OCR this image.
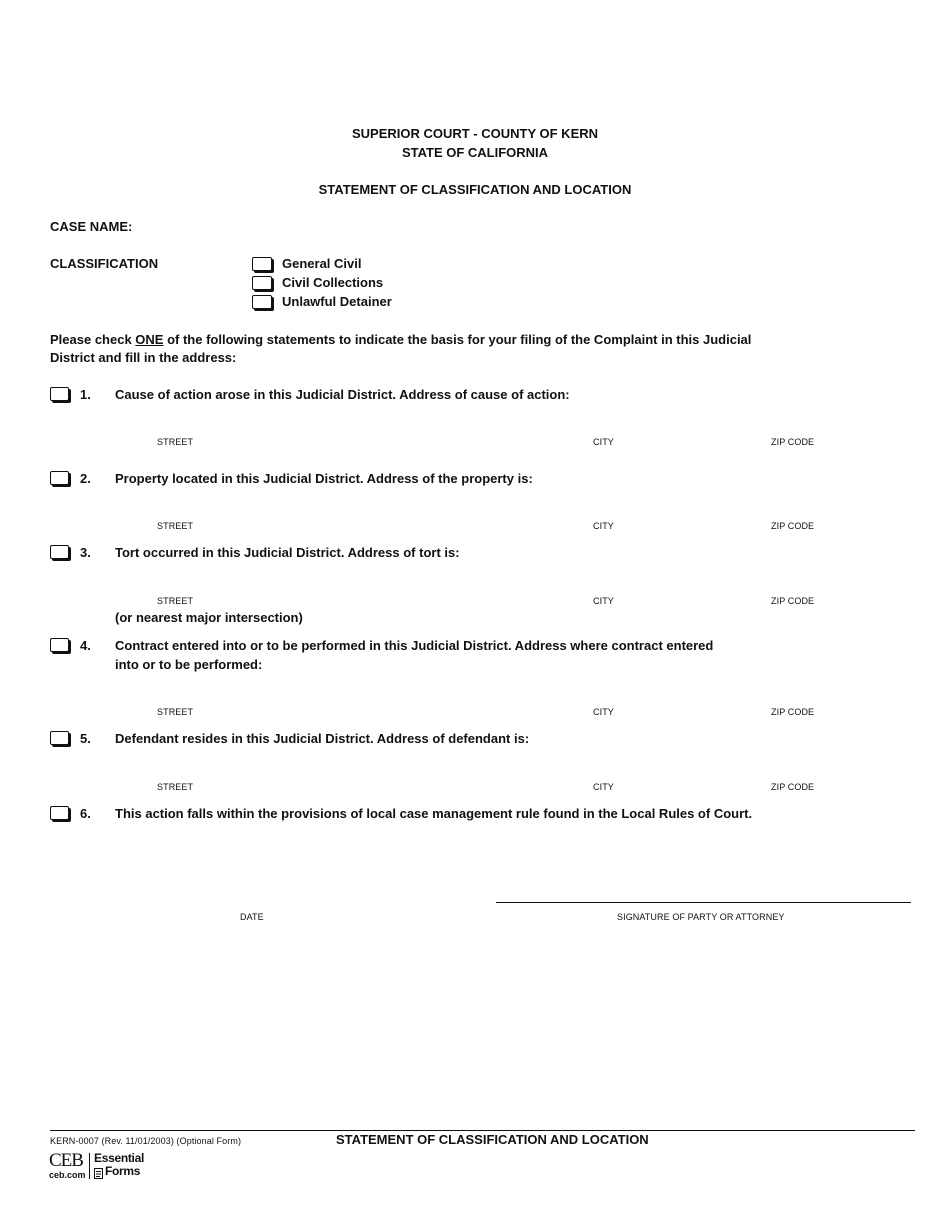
SUPERIOR COURT - COUNTY OF KERN
STATE OF CALIFORNIA
STATEMENT OF CLASSIFICATION AND LOCATION
CASE NAME:
CLASSIFICATION	General Civil
Civil Collections
Unlawful Detainer
Please check ONE of the following statements to indicate the basis for your filing of the Complaint in this Judicial
District and fill in the address:
1. Cause of action arose in this Judicial District. Address of cause of action:
STREET	CITY	ZIP CODE
2. Property located in this Judicial District. Address of the property is:
STREET	CITY	ZIP CODE
3. Tort occurred in this Judicial District. Address of tort is:
STREET	CITY	ZIP CODE
(or nearest major intersection)
4. Contract entered into or to be performed in this Judicial District. Address where contract entered
into or to be performed:
STREET	CITY	ZIP CODE
5. Defendant resides in this Judicial District. Address of defendant is:
STREET	CITY	ZIP CODE
6. This action falls within the provisions of local case management rule found in the Local Rules of Court.
DATE	SIGNATURE OF PARTY OR ATTORNEY
KERN-0007 (Rev. 11/01/2003) (Optional Form)	STATEMENT OF CLASSIFICATION AND LOCATION
CEB
ceb.com
Essential
Forms
